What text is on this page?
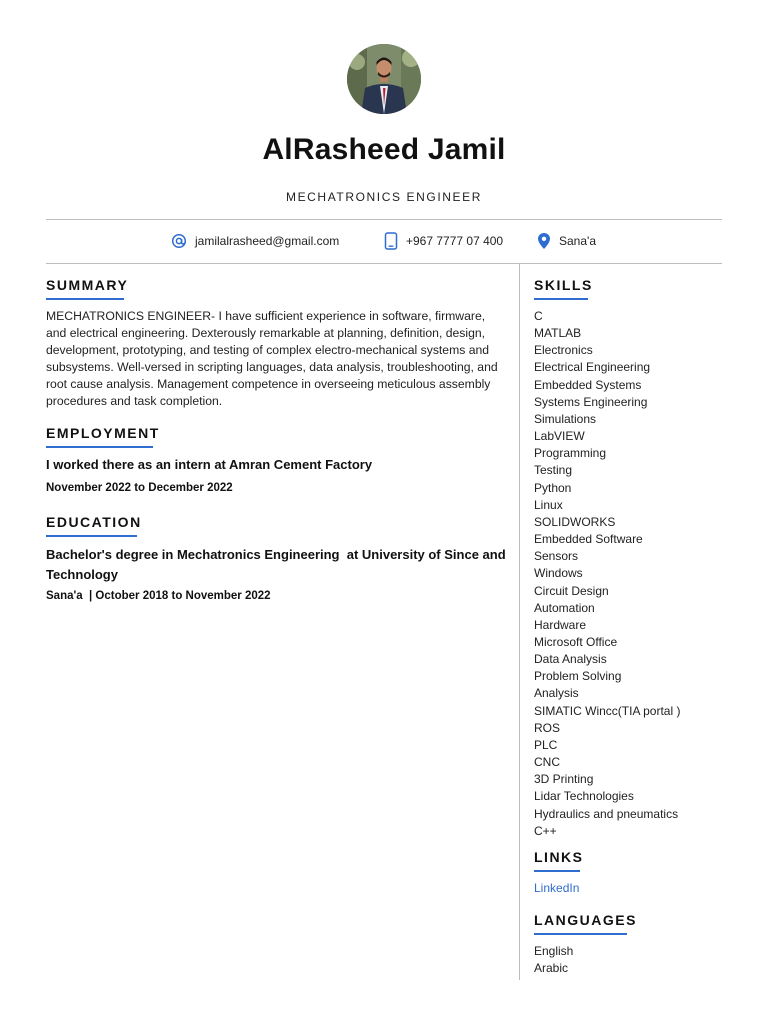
AlRasheed Jamil
MECHATRONICS ENGINEER
jamilalrasheed@gmail.com	+967 7777 07 400	Sana'a
SUMMARY
MECHATRONICS ENGINEER- I have sufficient experience in software, firmware, and electrical engineering. Dexterously remarkable at planning, definition, design, development, prototyping, and testing of complex electro-mechanical systems and subsystems. Well-versed in scripting languages, data analysis, troubleshooting, and root cause analysis. Management competence in overseeing meticulous assembly procedures and task completion.
EMPLOYMENT
I worked there as an intern at Amran Cement Factory
November 2022 to December 2022
EDUCATION
Bachelor's degree in Mechatronics Engineering  at University of Since and Technology
Sana'a  | October 2018 to November 2022
SKILLS
C
MATLAB
Electronics
Electrical Engineering
Embedded Systems
Systems Engineering
Simulations
LabVIEW
Programming
Testing
Python
Linux
SOLIDWORKS
Embedded Software
Sensors
Windows
Circuit Design
Automation
Hardware
Microsoft Office
Data Analysis
Problem Solving
Analysis
SIMATIC Wincc(TIA portal )
ROS
PLC
CNC
3D Printing
Lidar Technologies
Hydraulics and pneumatics
C++
LINKS
LinkedIn
LANGUAGES
English
Arabic
